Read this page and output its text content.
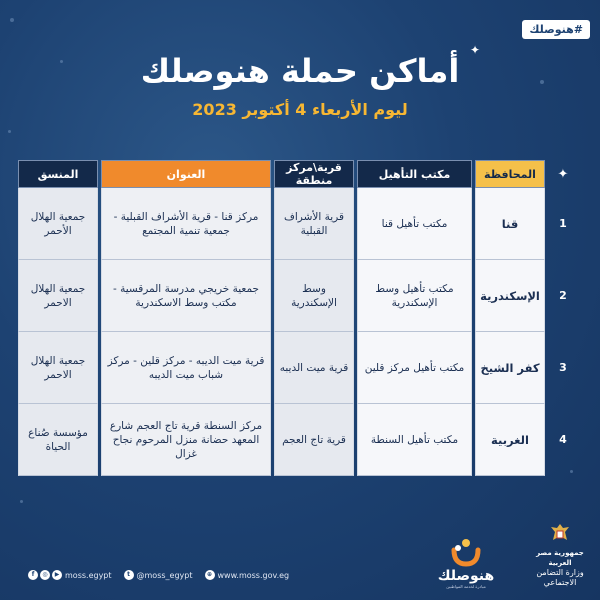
✦
#هنوصلك
أماكن حملة هنوصلك
ليوم الأربعاء 4 أكتوبر 2023
✦
المحافظة
مكتب التأهيل
قرية\مركز منطقة
العنوان
المنسق
1
قنا
مكتب تأهيل قنا
قرية الأشراف القبلية
مركز قنا - قرية الأشراف القبلية - جمعية تنمية المجتمع
جمعية الهلال الأحمر
2
الإسكندرية
مكتب تأهيل وسط الإسكندرية
وسط الإسكندرية
جمعية خريجي مدرسة المرقسية - مكتب وسط الاسكندرية
جمعية الهلال الاحمر
3
كفر الشيخ
مكتب تأهيل مركز قلين
قرية ميت الديبه
قرية ميت الديبه - مركز قلين - مركز شباب ميت الديبه
جمعية الهلال الاحمر
4
الغربية
مكتب تأهيل السنطة
قرية تاج العجم
مركز السنطة قرية تاج العجم شارع المعهد حضانة منزل المرحوم نجاح غزال
مؤسسة صُناع الحياة
f	◎	▶ moss.egypt	t @moss_egypt	⊕ www.moss.gov.eg	هنوصلك
مبادرة لخدمة المواطنين
جمهورية مصر العربية
وزارة التضامن الاجتماعي
